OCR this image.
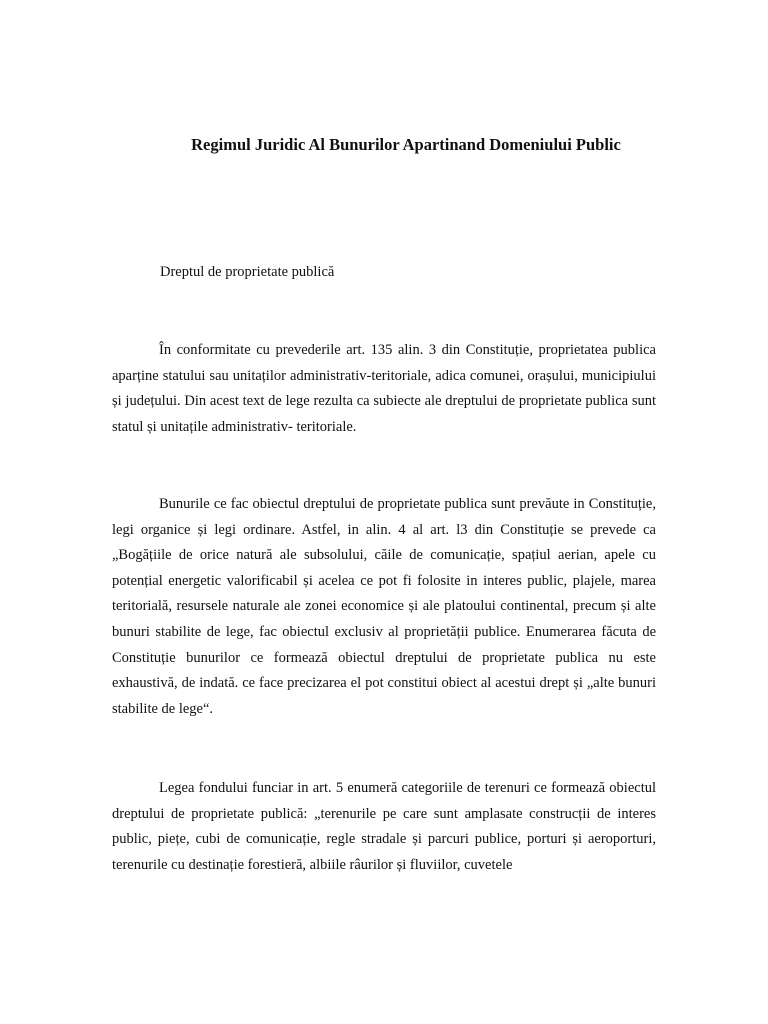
Regimul Juridic Al Bunurilor Apartinand Domeniului Public
Dreptul de proprietate publică

În conformitate cu prevederile art. 135 alin. 3 din Constituție, proprietatea publica aparține statului sau unitaților administrativ-teritoriale, adica comunei, orașului, municipiului și județului. Din acest text de lege rezulta ca subiecte ale dreptului de proprietate publica sunt statul și unitațile administrativ- teritoriale.

Bunurile ce fac obiectul dreptului de proprietate publica sunt prevăute in Constituție, legi organice și legi ordinare. Astfel, in alin. 4 al art. l3 din Constituție se prevede ca „Bogățiile de orice natură ale subsolului, căile de comunicație, spațiul aerian, apele cu potențial energetic valorificabil și acelea ce pot fi folosite in interes public, plajele, marea teritorială, resursele naturale ale zonei economice și ale platoului continental, precum și alte bunuri stabilite de lege, fac obiectul exclusiv al proprietății publice. Enumerarea făcuta de Constituție bunurilor ce formează obiectul dreptului de proprietate publica nu este exhaustivă, de indată. ce face precizarea el pot constitui obiect al acestui drept și „alte bunuri stabilite de lege“.

Legea fondului funciar in art. 5 enumeră categoriile de terenuri ce formează obiectul dreptului de proprietate publică: „terenurile pe care sunt amplasate construcții de interes public, piețe, cubi de comunicație, regle stradale și parcuri publice, porturi și aeroporturi, terenurile cu destinație forestieră, albiile râurilor și fluviilor, cuvetele
